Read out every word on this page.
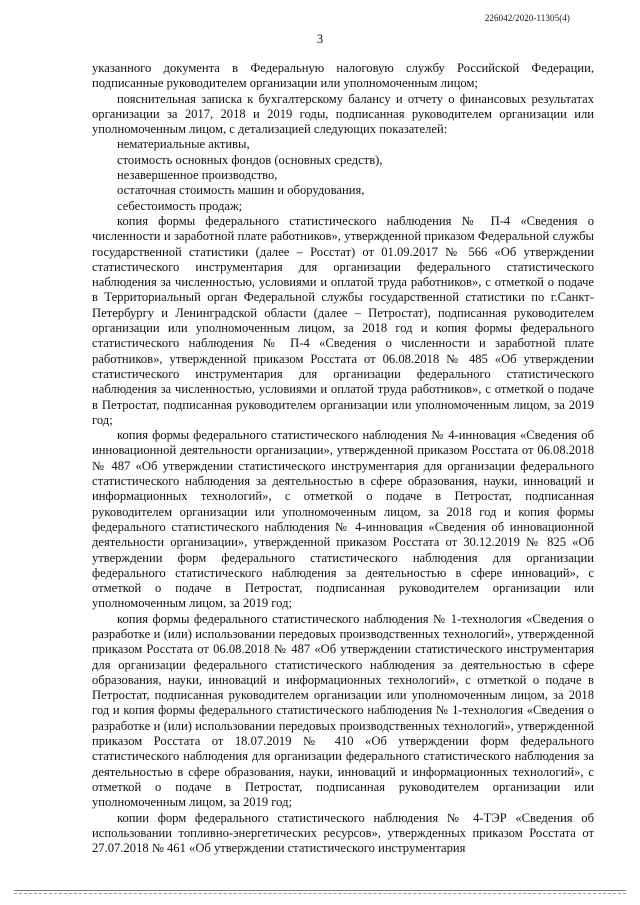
226042/2020-11305(4)
3

указанного документа в Федеральную налоговую службу Российской Федерации, подписанные руководителем организации или уполномоченным лицом;

пояснительная записка к бухгалтерскому балансу и отчету о финансовых результатах организации за 2017, 2018 и 2019 годы, подписанная руководителем организации или уполномоченным лицом, с детализацией следующих показателей:

нематериальные активы,

стоимость основных фондов (основных средств),

незавершенное производство,

остаточная стоимость машин и оборудования,

себестоимость продаж;

копия формы федерального статистического наблюдения № П-4 «Сведения о численности и заработной плате работников», утвержденной приказом Федеральной службы государственной статистики (далее – Росстат) от 01.09.2017 № 566 «Об утверждении статистического инструментария для организации федерального статистического наблюдения за численностью, условиями и оплатой труда работников», с отметкой о подаче в Территориальный орган Федеральной службы государственной статистики по г.Санкт-Петербургу и Ленинградской области (далее – Петростат), подписанная руководителем организации или уполномоченным лицом, за 2018 год и копия формы федерального статистического наблюдения № П-4 «Сведения о численности и заработной плате работников», утвержденной приказом Росстата от 06.08.2018 № 485 «Об утверждении статистического инструментария для организации федерального статистического наблюдения за численностью, условиями и оплатой труда работников», с отметкой о подаче в Петростат, подписанная руководителем организации или уполномоченным лицом, за 2019 год;

копия формы федерального статистического наблюдения № 4-инновация «Сведения об инновационной деятельности организации», утвержденной приказом Росстата от 06.08.2018 № 487 «Об утверждении статистического инструментария для организации федерального статистического наблюдения за деятельностью в сфере образования, науки, инноваций и информационных технологий», с отметкой о подаче в Петростат, подписанная руководителем организации или уполномоченным лицом, за 2018 год и копия формы федерального статистического наблюдения № 4-инновация «Сведения об инновационной деятельности организации», утвержденной приказом Росстата от 30.12.2019 № 825 «Об утверждении форм федерального статистического наблюдения для организации федерального статистического наблюдения за деятельностью в сфере инноваций», с отметкой о подаче в Петростат, подписанная руководителем организации или уполномоченным лицом, за 2019 год;

копия формы федерального статистического наблюдения № 1-технология «Сведения о разработке и (или) использовании передовых производственных технологий», утвержденной приказом Росстата от 06.08.2018 № 487 «Об утверждении статистического инструментария для организации федерального статистического наблюдения за деятельностью в сфере образования, науки, инноваций и информационных технологий», с отметкой о подаче в Петростат, подписанная руководителем организации или уполномоченным лицом, за 2018 год и копия формы федерального статистического наблюдения № 1-технология «Сведения о разработке и (или) использовании передовых производственных технологий», утвержденной приказом Росстата от 18.07.2019 № 410 «Об утверждении форм федерального статистического наблюдения для организации федерального статистического наблюдения за деятельностью в сфере образования, науки, инноваций и информационных технологий», с отметкой о подаче в Петростат, подписанная руководителем организации или уполномоченным лицом, за 2019 год;

копии форм федерального статистического наблюдения № 4-ТЭР «Сведения об использовании топливно-энергетических ресурсов», утвержденных приказом Росстата от 27.07.2018 № 461 «Об утверждении статистического инструментария
